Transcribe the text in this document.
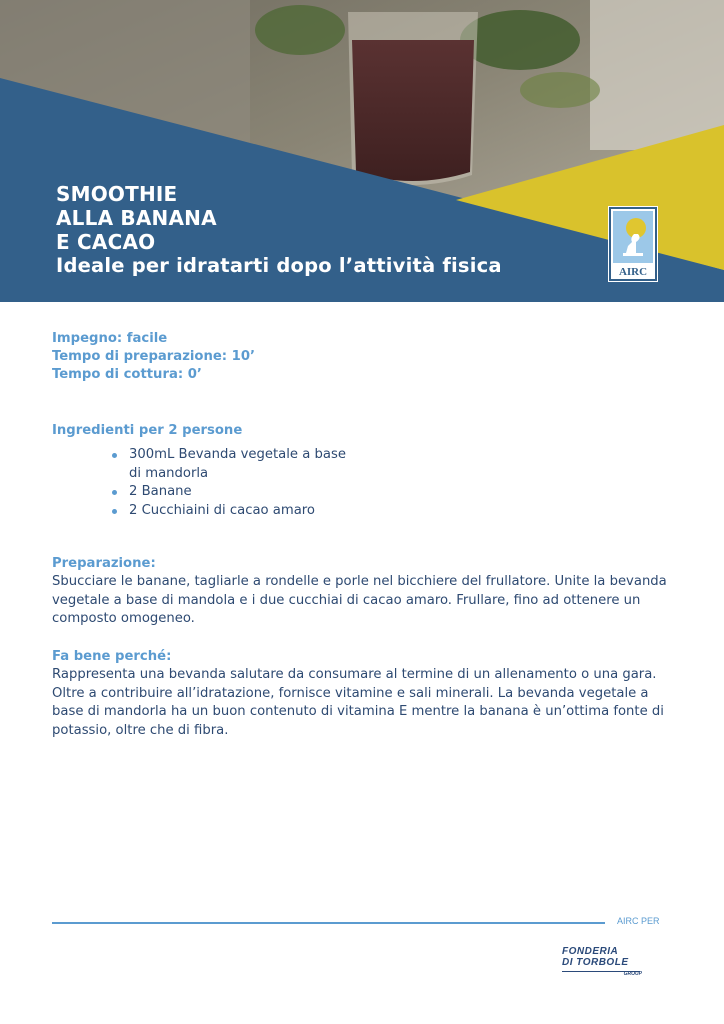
SMOOTHIE
ALLA BANANA
E CACAO
Ideale per idratarti dopo l’attività fisica	AIRC
Impegno: facile
Tempo di preparazione: 10’
Tempo di cottura: 0’
Ingredienti per 2 persone
300mL Bevanda vegetale a base di mandorla
2 Banane
2 Cucchiaini di cacao amaro
Preparazione:
Sbucciare le banane, tagliarle a rondelle e porle nel bicchiere del frullatore. Unite la bevanda vegetale a base di mandola e i due cucchiai di cacao amaro. Frullare, fino ad ottenere un composto omogeneo.
Fa bene perché:
Rappresenta una bevanda salutare da consumare al termine di un allenamento o una gara. Oltre a contribuire all’idratazione, fornisce vitamine e sali minerali. La bevanda vegetale a base di mandorla ha un buon contenuto di vitamina E mentre la banana è un’ottima fonte di potassio, oltre che di fibra.
AIRC PER
FONDERIA
DI TORBOLE
GROUP
